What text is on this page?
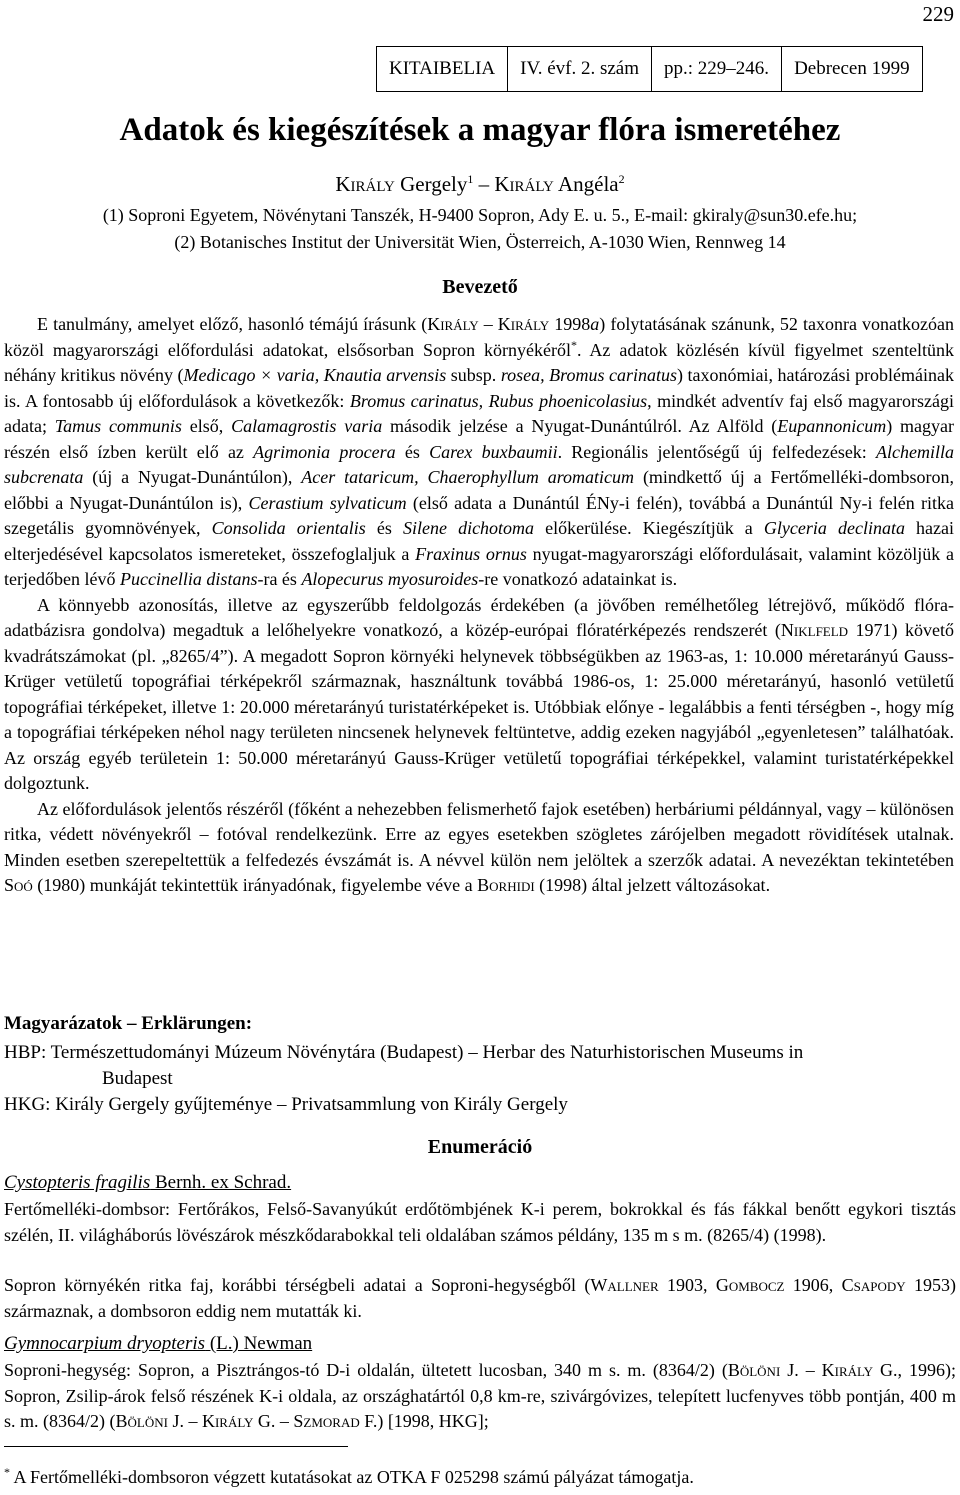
229
KITAIBELIA	IV. évf. 2. szám	pp.: 229–246.	Debrecen 1999
Adatok és kiegészítések a magyar flóra ismeretéhez
Király Gergely$^1$ – Király Angéla$^2$
(1) Soproni Egyetem, Növénytani Tanszék, H-9400 Sopron, Ady E. u. 5., E-mail: gkiraly@sun30.efe.hu;
(2) Botanisches Institut der Universität Wien, Österreich, A-1030 Wien, Rennweg 14
Bevezető

E tanulmány, amelyet előző, hasonló témájú írásunk (Király – Király 1998a) folytatásának szánunk, 52 taxonra vonatkozóan közöl magyarországi előfordulási adatokat, elsősorban Sopron környékéről*. Az adatok közlésén kívül figyelmet szenteltünk néhány kritikus növény (Medicago × varia, Knautia arvensis subsp. rosea, Bromus carinatus) taxonómiai, határozási problémáinak is. A fontosabb új előfordulások a következők: Bromus carinatus, Rubus phoenicolasius, mindkét adventív faj első magyarországi adata; Tamus communis első, Calamagrostis varia második jelzése a Nyugat-Dunántúlról. Az Alföld (Eupannonicum) magyar részén első ízben került elő az Agrimonia procera és Carex buxbaumii. Regionális jelentőségű új felfedezések: Alchemilla subcrenata (új a Nyugat-Dunántúlon), Acer tataricum, Chaerophyllum aromaticum (mindkettő új a Fertőmelléki-dombsoron, előbbi a Nyugat-Dunántúlon is), Cerastium sylvaticum (első adata a Dunántúl ÉNy-i felén), továbbá a Dunántúl Ny-i felén ritka szegetális gyomnövények, Consolida orientalis és Silene dichotoma előkerülése. Kiegészítjük a Glyceria declinata hazai elterjedésével kapcsolatos ismereteket, összefoglaljuk a Fraxinus ornus nyugat-magyarországi előfordulásait, valamint közöljük a terjedőben lévő Puccinellia distans-ra és Alopecurus myosuroides-re vonatkozó adatainkat is.

A könnyebb azonosítás, illetve az egyszerűbb feldolgozás érdekében (a jövőben remélhetőleg létrejövő, működő flóra-adatbázisra gondolva) megadtuk a lelőhelyekre vonatkozó, a közép-európai flóratérképezés rendszerét (Niklfeld 1971) követő kvadrátszámokat (pl. „8265/4”). A megadott Sopron környéki helynevek többségükben az 1963-as, 1: 10.000 méretarányú Gauss-Krüger vetületű topográfiai térképekről származnak, használtunk továbbá 1986-os, 1: 25.000 méretarányú, hasonló vetületű topográfiai térképeket, illetve 1: 20.000 méretarányú turistatérképeket is. Utóbbiak előnye - legalábbis a fenti térségben -, hogy míg a topográfiai térképeken néhol nagy területen nincsenek helynevek feltüntetve, addig ezeken nagyjából „egyenletesen” találhatóak. Az ország egyéb területein 1: 50.000 méretarányú Gauss-Krüger vetületű topográfiai térképekkel, valamint turistatérképekkel dolgoztunk.

Az előfordulások jelentős részéről (főként a nehezebben felismerhető fajok esetében) herbáriumi példánnyal, vagy – különösen ritka, védett növényekről – fotóval rendelkezünk. Erre az egyes esetekben szögletes zárójelben megadott rövidítések utalnak. Minden esetben szerepeltettük a felfedezés évszámát is. A névvel külön nem jelöltek a szerzők adatai. A nevezéktan tekintetében Soó (1980) munkáját tekintettük irányadónak, figyelembe véve a Borhidi (1998) által jelzett változásokat.

Magyarázatok – Erklärungen:
HBP: Természettudományi Múzeum Növénytára (Budapest) – Herbar des Naturhistorischen Museums in
Budapest
HKG: Király Gergely gyűjteménye – Privatsammlung von Király Gergely
Enumeráció
Cystopteris fragilis Bernh. ex Schrad.
Fertőmelléki-dombsor: Fertőrákos, Felső-Savanyúkút erdőtömbjének K-i perem, bokrokkal és fás fákkal benőtt egykori tisztás szélén, II. világháborús lövészárok mészkődarabokkal teli oldalában számos példány, 135 m s m. (8265/4) (1998).
Sopron környékén ritka faj, korábbi térségbeli adatai a Soproni-hegységből (Wallner 1903, Gombocz 1906, Csapody 1953) származnak, a dombsoron eddig nem mutatták ki.
Gymnocarpium dryopteris (L.) Newman
Soproni-hegység: Sopron, a Pisztrángos-tó D-i oldalán, ültetett lucosban, 340 m s. m. (8364/2) (Bölöni J. – Király G., 1996); Sopron, Zsilip-árok felső részének K-i oldala, az országhatártól 0,8 km-re, szivárgóvizes, telepített lucfenyves több pontján, 400 m s. m. (8364/2) (Bölöni J. – Király G. – Szmorad F.) [1998, HKG];
* A Fertőmelléki-dombsoron végzett kutatásokat az OTKA F 025298 számú pályázat támogatja.
